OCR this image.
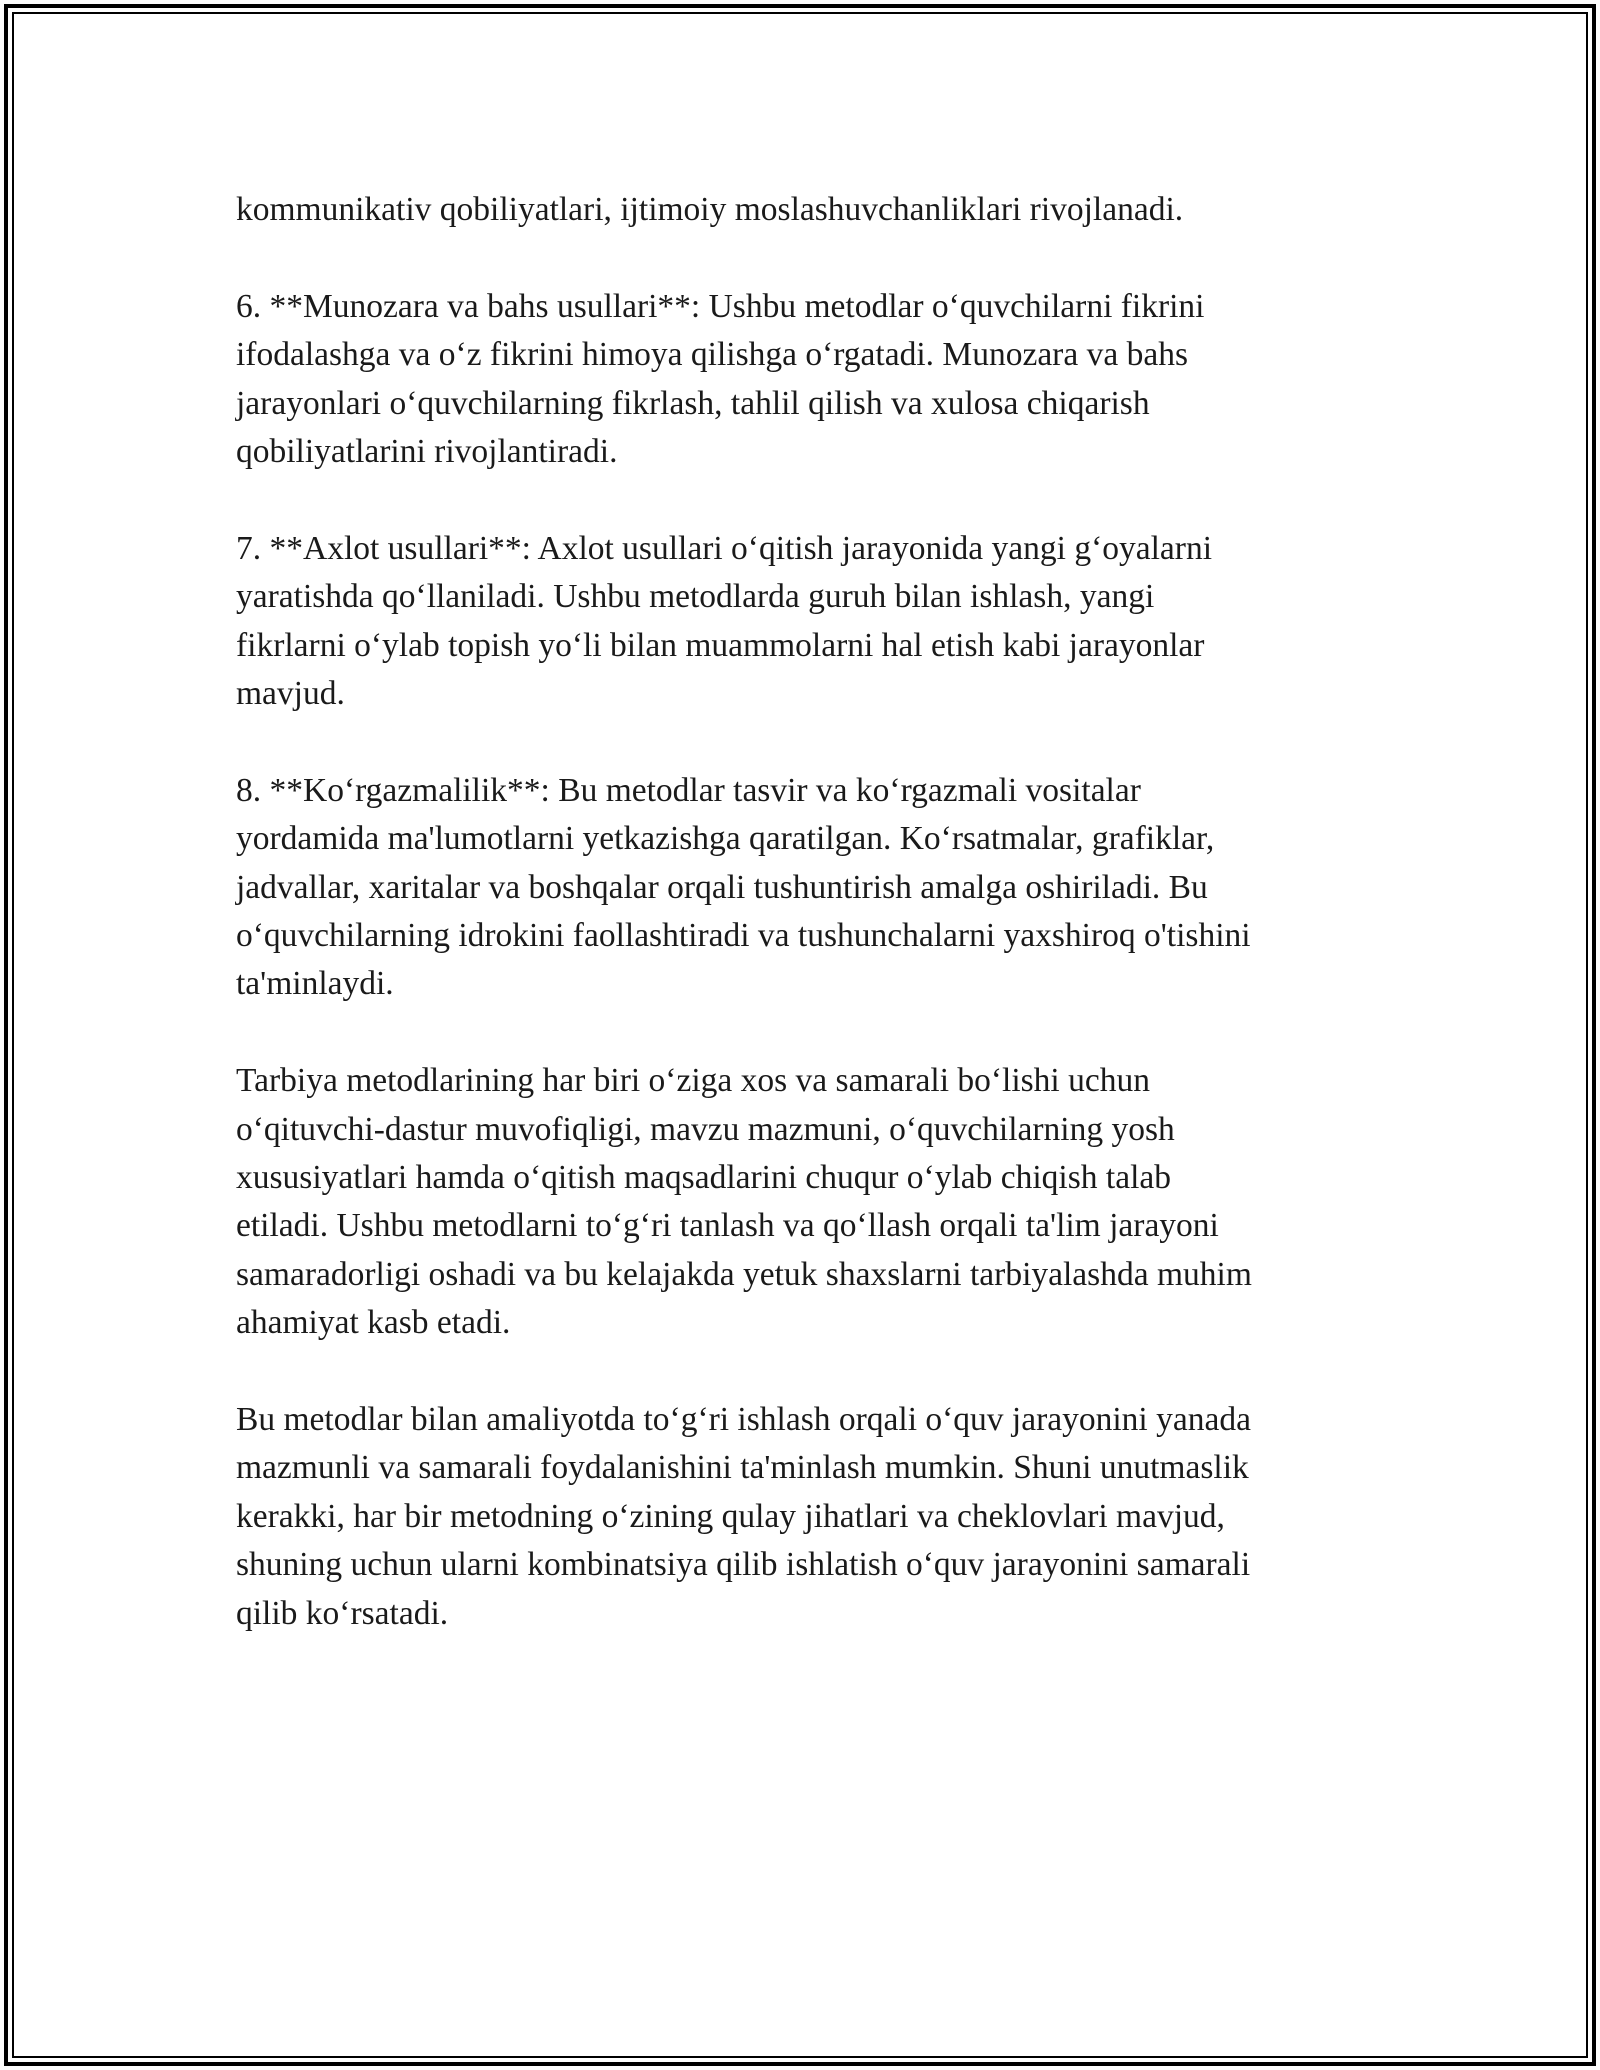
kommunikativ qobiliyatlari, ijtimoiy moslashuvchanliklari rivojlanadi.

6. **Munozara va bahs usullari**: Ushbu metodlar o‘quvchilarni fikrini
ifodalashga va o‘z fikrini himoya qilishga o‘rgatadi. Munozara va bahs
jarayonlari o‘quvchilarning fikrlash, tahlil qilish va xulosa chiqarish
qobiliyatlarini rivojlantiradi.

7. **Axlot usullari**: Axlot usullari o‘qitish jarayonida yangi g‘oyalarni
yaratishda qo‘llaniladi. Ushbu metodlarda guruh bilan ishlash, yangi
fikrlarni o‘ylab topish yo‘li bilan muammolarni hal etish kabi jarayonlar
mavjud.

8. **Ko‘rgazmalilik**: Bu metodlar tasvir va ko‘rgazmali vositalar
yordamida ma'lumotlarni yetkazishga qaratilgan. Ko‘rsatmalar, grafiklar,
jadvallar, xaritalar va boshqalar orqali tushuntirish amalga oshiriladi. Bu
o‘quvchilarning idrokini faollashtiradi va tushunchalarni yaxshiroq o'tishini
ta'minlaydi.

Tarbiya metodlarining har biri o‘ziga xos va samarali bo‘lishi uchun
o‘qituvchi-dastur muvofiqligi, mavzu mazmuni, o‘quvchilarning yosh
xususiyatlari hamda o‘qitish maqsadlarini chuqur o‘ylab chiqish talab
etiladi. Ushbu metodlarni to‘g‘ri tanlash va qo‘llash orqali ta'lim jarayoni
samaradorligi oshadi va bu kelajakda yetuk shaxslarni tarbiyalashda muhim
ahamiyat kasb etadi.

Bu metodlar bilan amaliyotda to‘g‘ri ishlash orqali o‘quv jarayonini yanada
mazmunli va samarali foydalanishini ta'minlash mumkin. Shuni unutmaslik
kerakki, har bir metodning o‘zining qulay jihatlari va cheklovlari mavjud,
shuning uchun ularni kombinatsiya qilib ishlatish o‘quv jarayonini samarali
qilib ko‘rsatadi.
